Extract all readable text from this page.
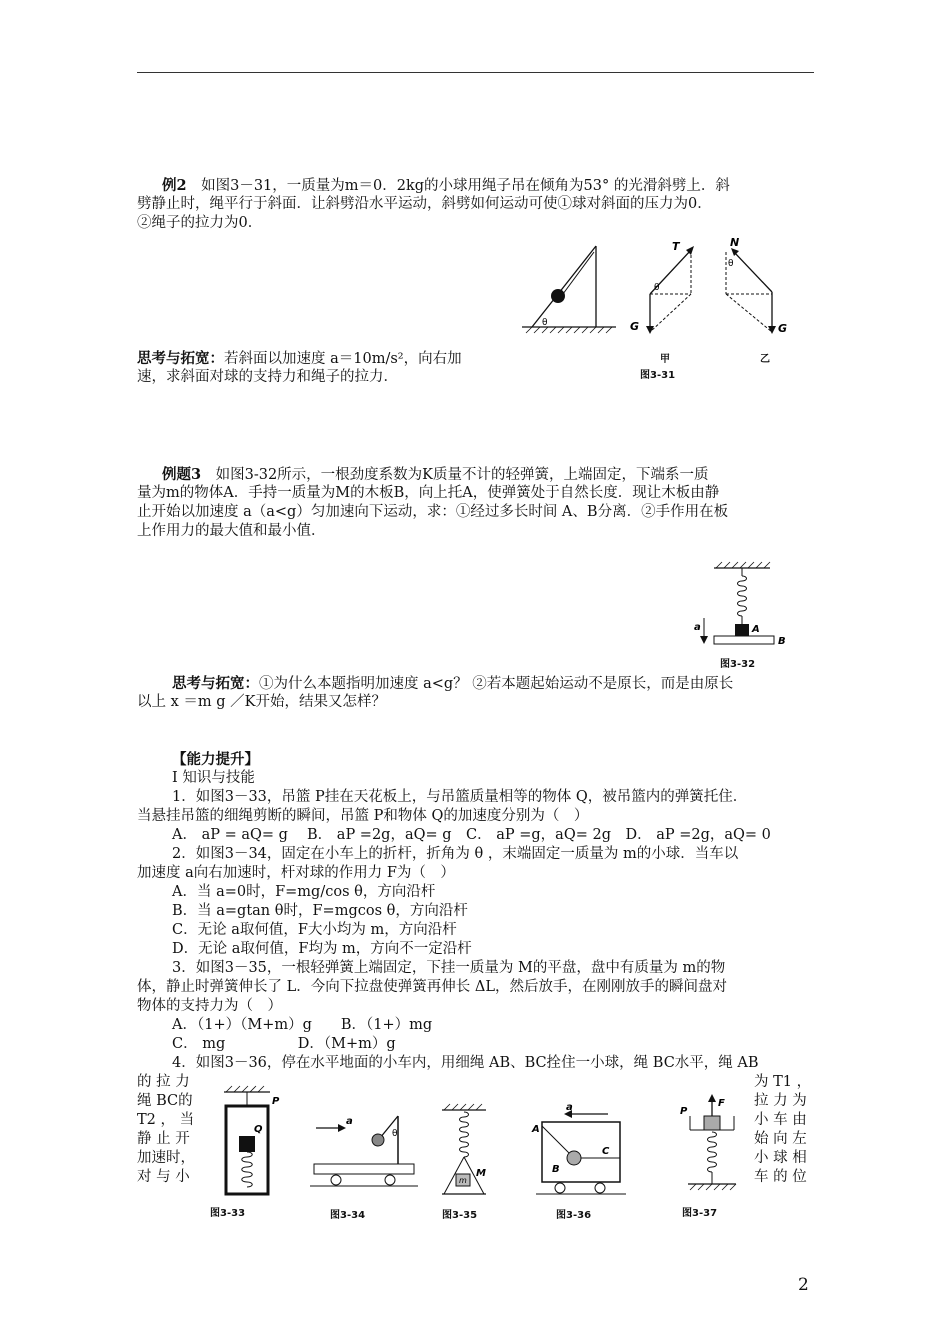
例2　 如图3－31，一质量为m＝0．2kg的小球用绳子吊在倾角为53° 的光滑斜劈上．斜
劈静止时，绳平行于斜面．让斜劈沿水平运动，斜劈如何运动可使①球对斜面的压力为0．
②绳子的拉力为0．
θ
T
G
θ
N
G
θ
甲	乙
图3-31
思考与拓宽：若斜面以加速度 a＝10m/s²，向右加
速，求斜面对球的支持力和绳子的拉力．
例题3　 如图3-32所示，一根劲度系数为K质量不计的轻弹簧，上端固定，下端系一质
量为m的物体A．手持一质量为M的木板B，向上托A，使弹簧处于自然长度．现让木板由静
止开始以加速度 a（a<g）匀加速向下运动，求：①经过多长时间 A、B分离．②手作用在板
上作用力的最大值和最小值．
a	A
B
图3-32
思考与拓宽：①为什么本题指明加速度 a<g？ ②若本题起始运动不是原长，而是由原长
以上 x ＝m g ／K开始，结果又怎样？
【能力提升】
Ⅰ 知识与技能
1．如图3－33，吊篮 P挂在天花板上，与吊篮质量相等的物体 Q，被吊篮内的弹簧托住．
当悬挂吊篮的细绳剪断的瞬间，吊篮 P和物体 Q的加速度分别为（　）
A． aP = aQ= g　 B． aP =2g，aQ= g　C． aP =g，aQ= 2g　D． aP =2g，aQ= 0
2．如图3－34，固定在小车上的折杆，折角为 θ ，末端固定一质量为 m的小球．当车以
加速度 a向右加速时，杆对球的作用力 F为（　）
A．当 a=0时，F=mg/cos θ，方向沿杆
B．当 a=gtan θ时，F=mgcos θ，方向沿杆
C．无论 a取何值，F大小均为 m，方向沿杆
D．无论 a取何值，F均为 m，方向不一定沿杆
3．如图3－35，一根轻弹簧上端固定，下挂一质量为 M的平盘，盘中有质量为 m的物
体，静止时弹簧伸长了 L．今向下拉盘使弹簧再伸长 ΔL，然后放手，在刚刚放手的瞬间盘对
物体的支持力为（　）
A．（1+）（M+m）g　　B．（1+）mg
C． mg　　　　　D．（M+m）g
4．如图3－36，停在水平地面的小车内，用细绳 AB、BC拴住一小球，绳 BC水平，绳 AB
的 拉 力
绳 BC的
T2 ， 当
静 止 开
加速时，
对 与 小
为 T1 ，
拉 力 为
小 车 由
始 向 左
小 球 相
车 的 位
P
Q
图3-33
a
θ
图3-34
m
M
图3-35
a
A
B
C
图3-36
F
P
图3-37
2
